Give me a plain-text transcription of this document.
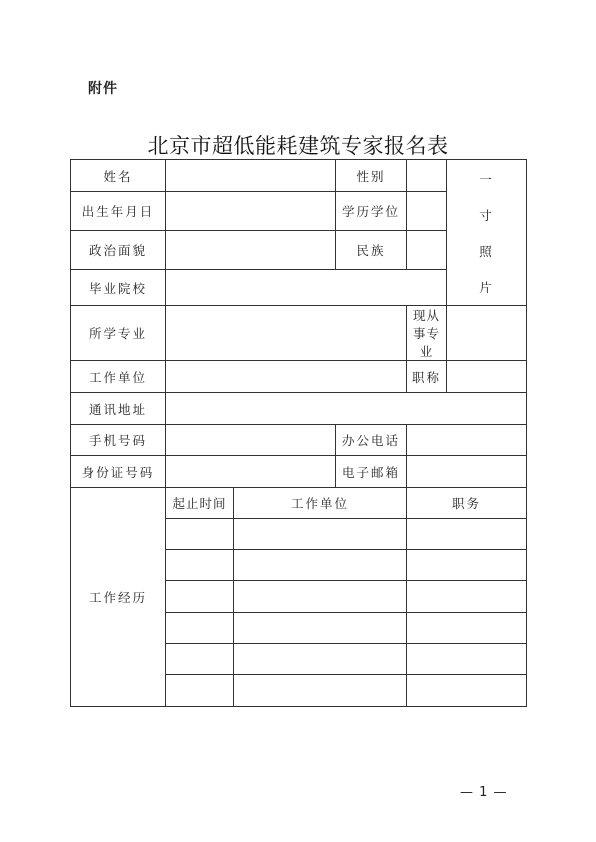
附件
北京市超低能耗建筑专家报名表
姓名			性别		一
寸
照
片

出生年月日			学历学位		
政治面貌			民族		
毕业院校					
所学专业				现从事专业	
工作单位				职称	
通讯地址					
手机号码			办公电话		
身份证号码			电子邮箱		
工作经历	起止时间	工作单位		职务	

— 1 —
